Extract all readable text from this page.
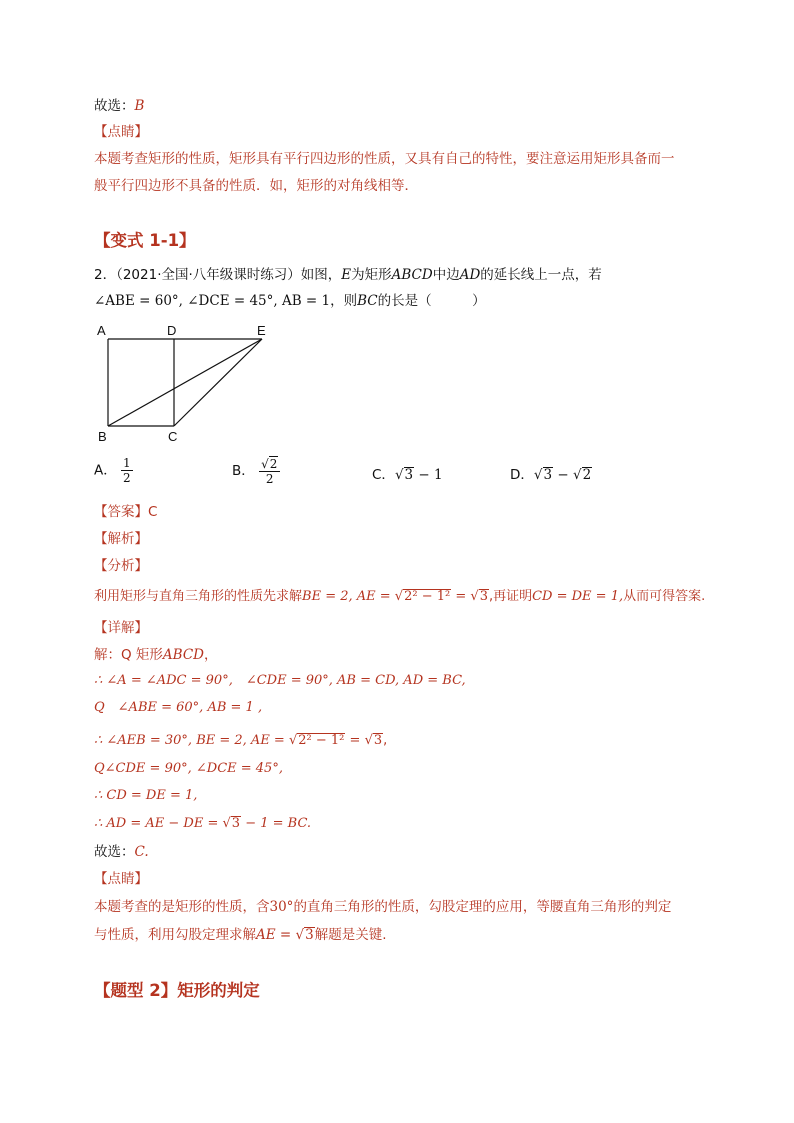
故选：B
【点睛】
本题考查矩形的性质，矩形具有平行四边形的性质，又具有自己的特性，要注意运用矩形具备而一
般平行四边形不具备的性质．如，矩形的对角线相等．
【变式 1-1】
2．（2021·全国·八年级课时练习）如图，E为矩形ABCD中边AD的延长线上一点，若
∠ABE = 60°, ∠DCE = 45°, AB = 1，则BC的长是（　　　）
A	D	E
B	C
A． $\frac{1}{2}$	B． $\frac{√2}{2}$	C．√3 − 1	D．√3 − √2
【答案】C
【解析】
【分析】
利用矩形与直角三角形的性质先求解BE = 2, AE = √2² − 1² = √3,再证明CD = DE = 1,从而可得答案.
【详解】
解：Q 矩形ABCD，
∴ ∠A = ∠ADC = 90°,　∠CDE = 90°, AB = CD, AD = BC,
Q　∠ABE = 60°, AB = 1 ,
∴ ∠AEB = 30°, BE = 2, AE = √2² − 1² = √3,
Q∠CDE = 90°, ∠DCE = 45°,
∴ CD = DE = 1,
∴ AD = AE − DE = √3 − 1 = BC.
故选：C.
【点睛】
本题考查的是矩形的性质，含30°的直角三角形的性质，勾股定理的应用，等腰直角三角形的判定
与性质，利用勾股定理求解AE = √3解题是关键.
【题型 2】矩形的判定
